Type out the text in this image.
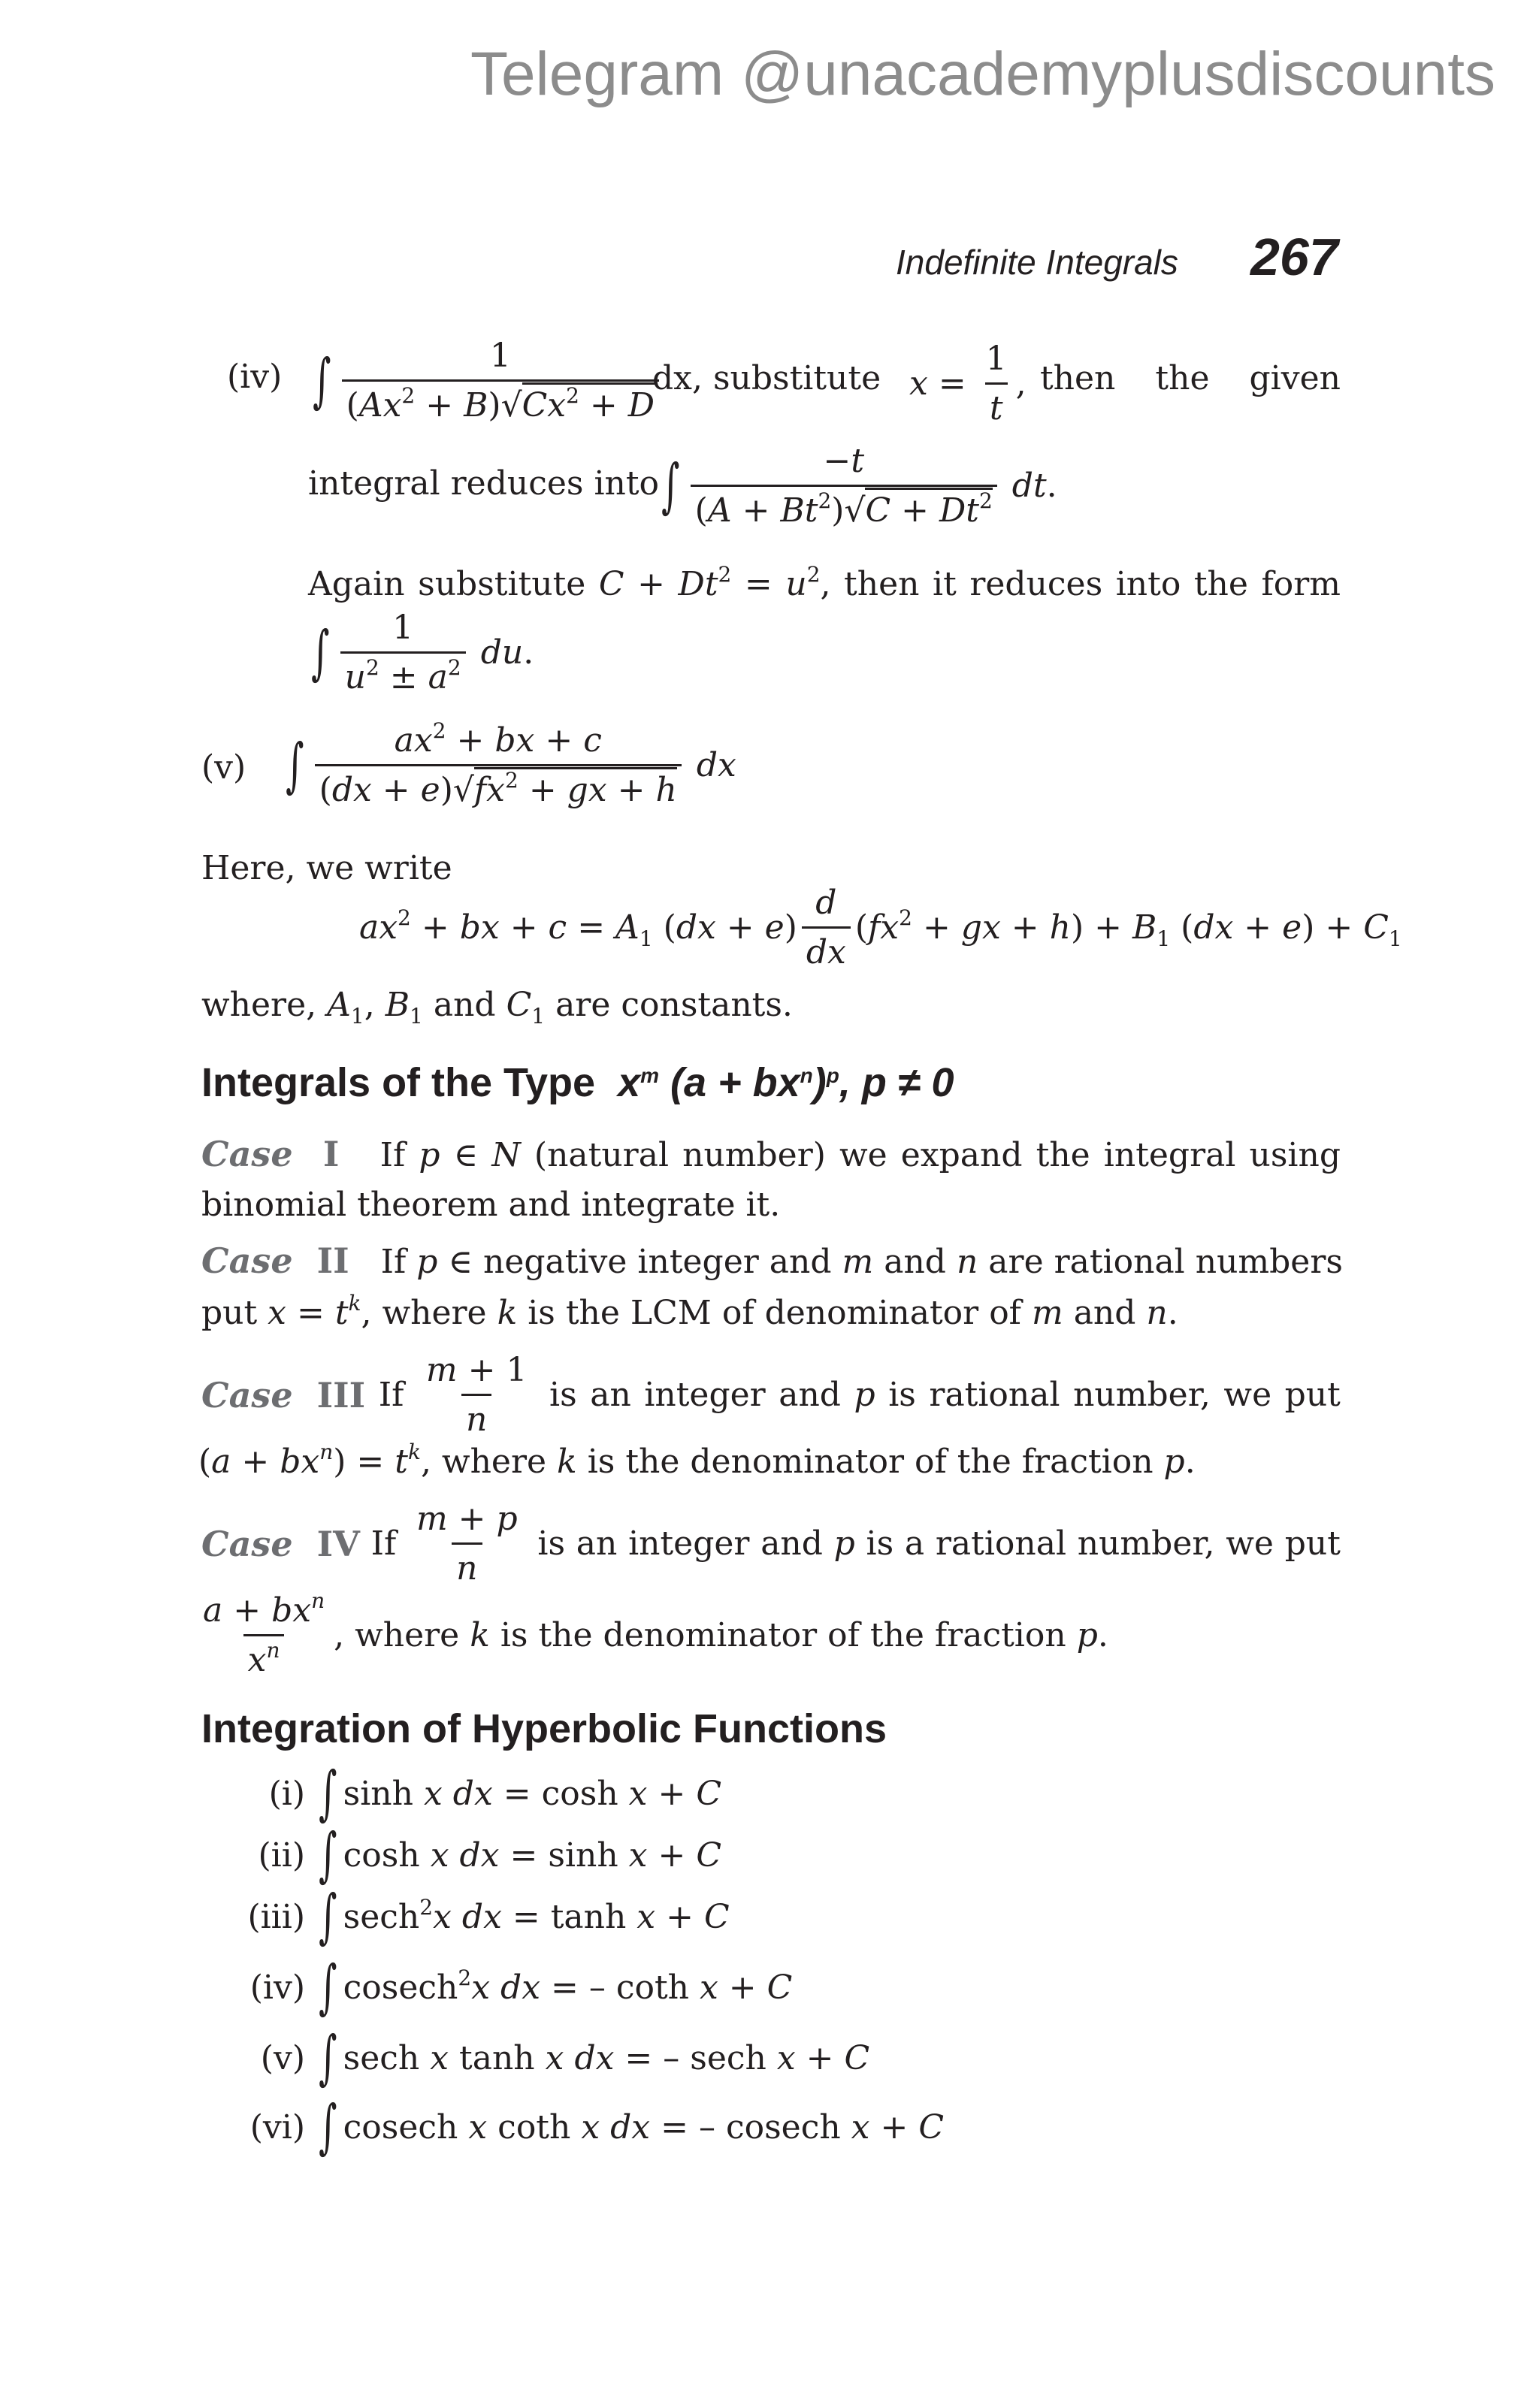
Telegram @unacademyplusdiscounts
Indefinite Integrals 267
(iv) ∫ $\frac{1}{(Ax^2 + B)√Cx^2 + D}$
dx, substitute $x = \frac{1}{t}$ , then the given
integral reduces into ∫ $\frac{-t}{(A + Bt^2)√C + Dt^2}$ dt.
Again substitute $C + Dt^2 = u^2$, then it reduces into the form
∫ $\frac{1}{u^2 \pm a^2}$ du.
(v) ∫ $\frac{ax^2 + bx + c}{(dx + e)√fx^2 + gx + h}$ dx
Here, we write
$ax^2$ + bx + $c = A_1$ $(dx + e) \frac{d}{dx} (fx^2$ + gx + $h) + B_1$ $(dx + e) + C_1$
where, $A_1$, $B_1$ and $C_1$ are constants.
Integrals of the Type  $x^m$ $(a + bx^n)^p$, p ≠ 0
Case  I   If p ∈ N (natural number) we expand the integral using
binomial theorem and integrate it.
Case  II   If p ∈ negative integer and m and n are rational numbers
put $x = t^k$, where k is the LCM of denominator of m and n.
Case  III If $\frac{m + 1}{n}$ is an integer and p is rational number, we put
$(a + bx^n) = t^k$, where k is the denominator of the fraction p.
Case  IV If $\frac{m + p}{n}$ is an integer and p is a rational number, we put
$\frac{a + bx^n}{x^n}$ , where k is the denominator of the fraction p.
Integration of Hyperbolic Functions
(i) ∫ sinh x dx = cosh x + C
(ii) ∫ cosh x dx = sinh x + C
(iii) ∫ sech$^2$x dx = tanh x + C
(iv) ∫ cosech$^2$x dx = – coth x + C
(v) ∫ sech x tanh x dx = – sech x + C
(vi) ∫ cosech x coth x dx = – cosech x + C
